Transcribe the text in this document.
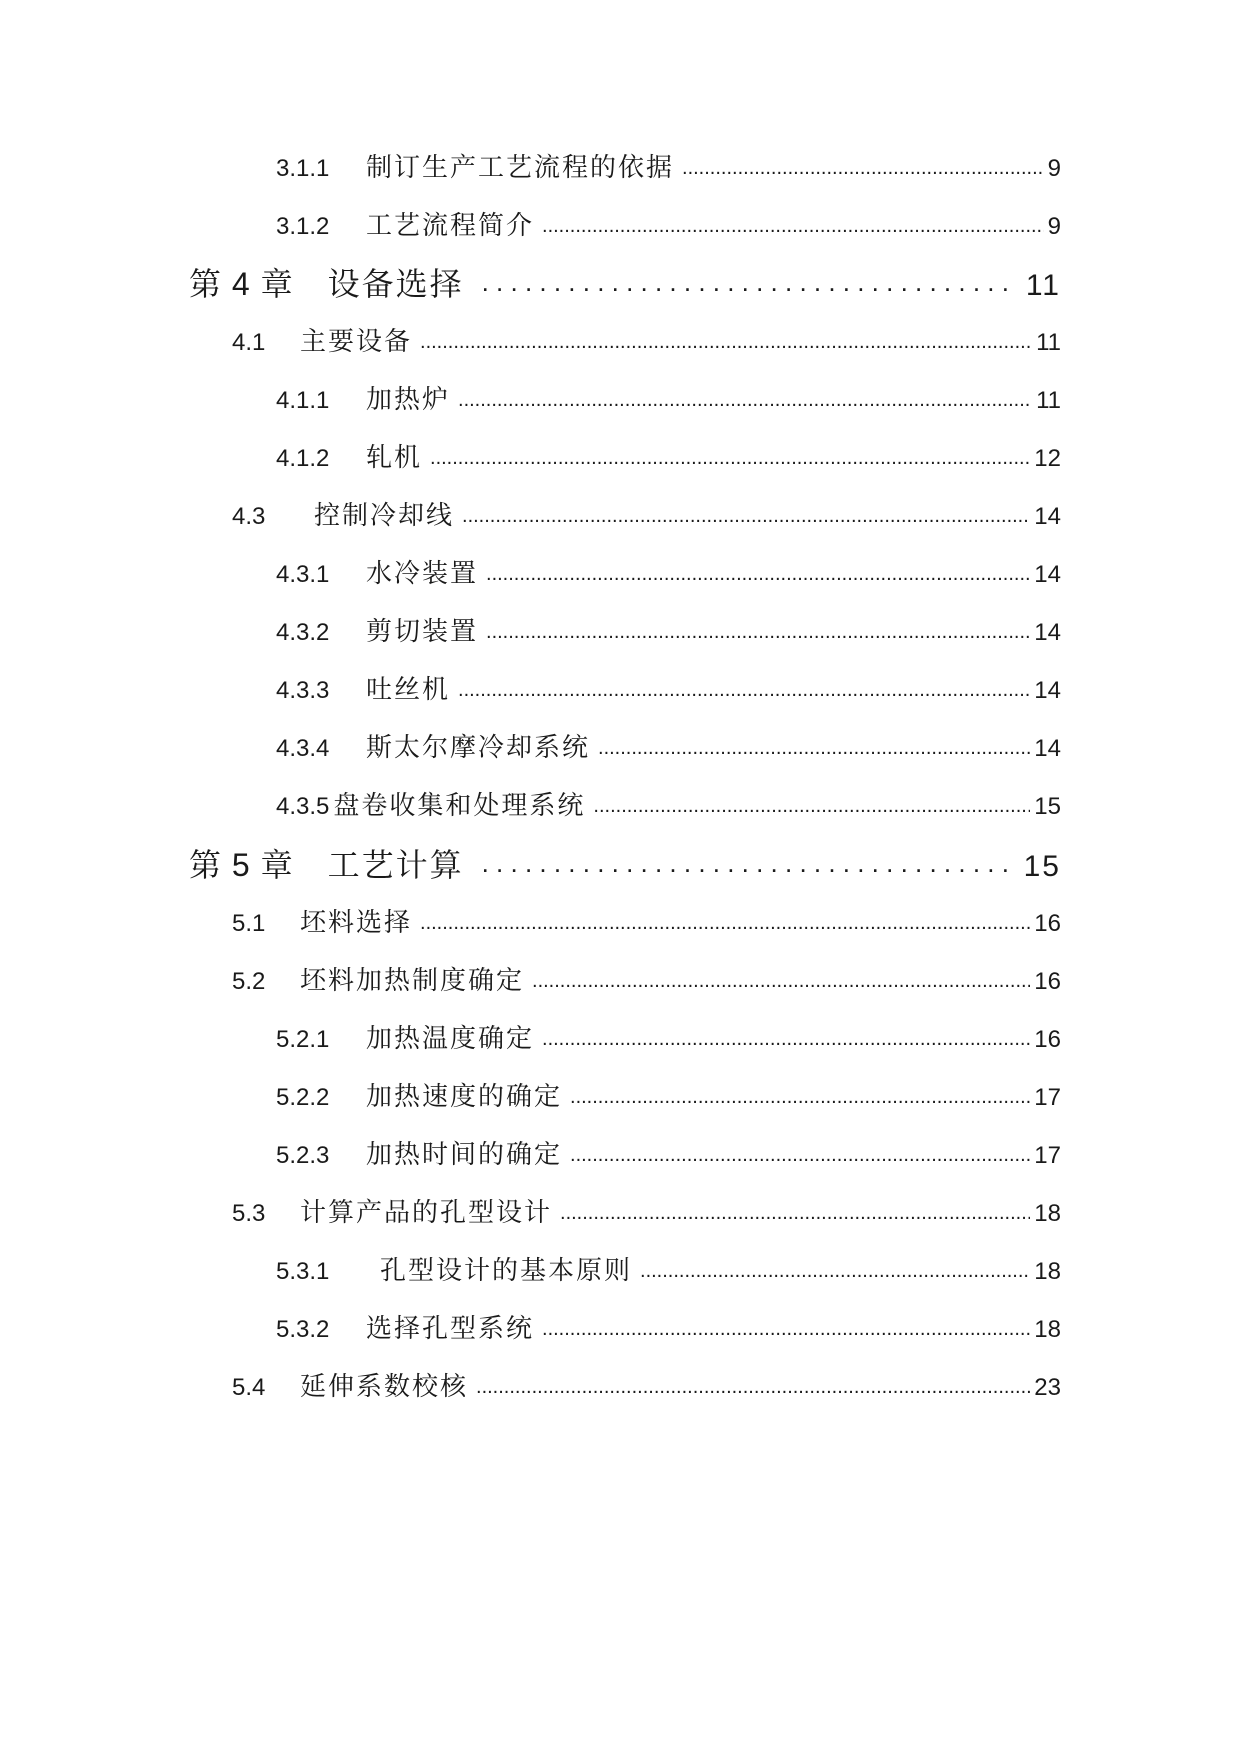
3.1.1	制订生产工艺流程的依据 .....	9
3.1.2	工艺流程简介 .....	9
第 4 章 设备选择 . . .	11
4.1	主要设备 .....	11
4.1.1	加热炉 .....	11
4.1.2	轧机 .....	12
4.3	控制冷却线 .....	14
4.3.1	水冷装置 .....	14
4.3.2	剪切装置 .....	14
4.3.3	吐丝机 .....	14
4.3.4	斯太尔摩冷却系统 .....	14
4.3.5 盘卷收集和处理系统 .....	15
第 5 章 工艺计算 . . .	15
5.1	坯料选择 .....	16
5.2	坯料加热制度确定 .....	16
5.2.1	加热温度确定 .....	16
5.2.2	加热速度的确定 .....	17
5.2.3	加热时间的确定 .....	17
5.3	计算产品的孔型设计 .....	18
5.3.1	孔型设计的基本原则 .....	18
5.3.2	选择孔型系统 .....	18
5.4	延伸系数校核 .....	23
